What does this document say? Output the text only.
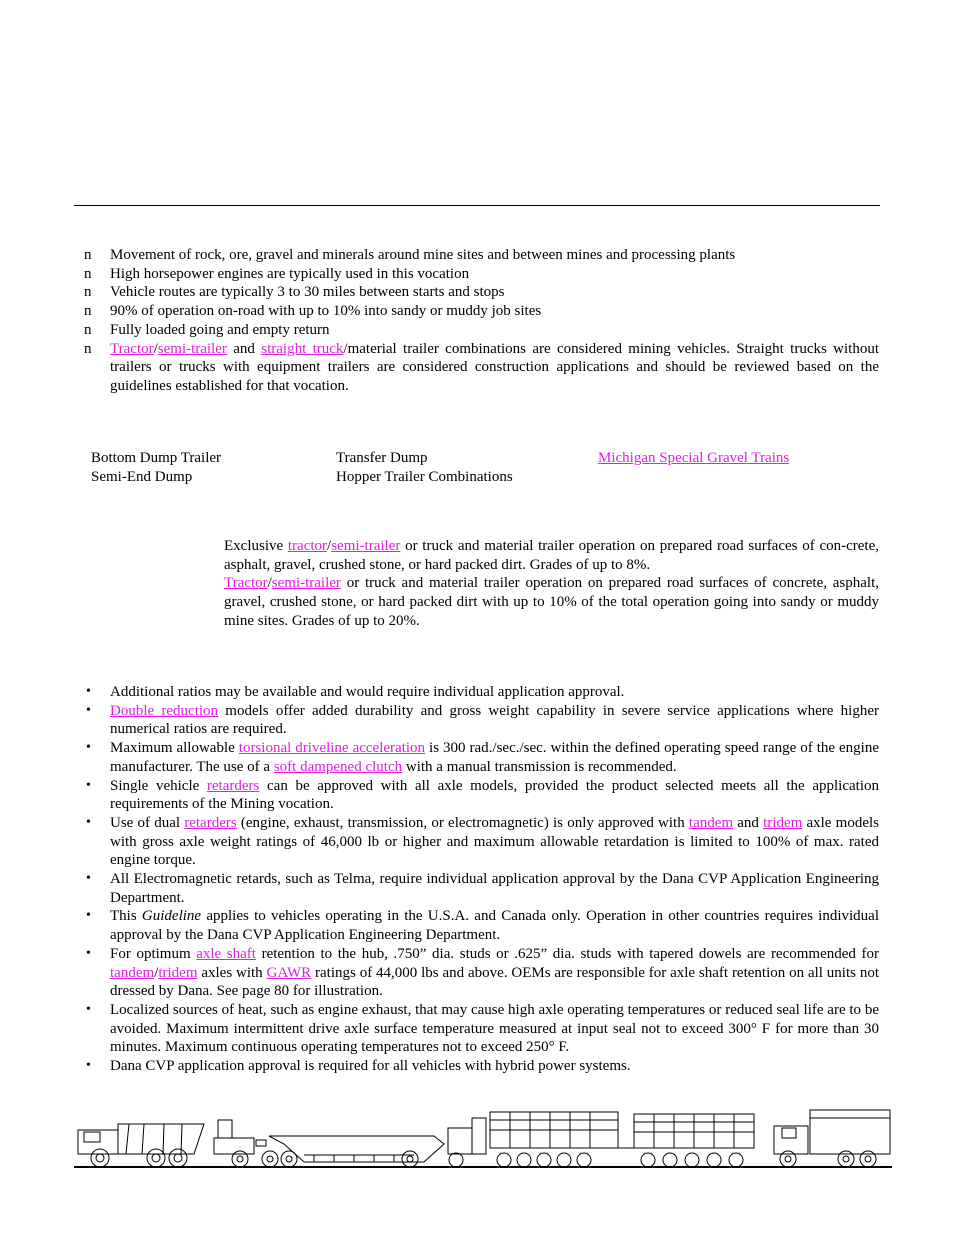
n	Movement of rock, ore, gravel and minerals around mine sites and between mines and processing plants
n	High horsepower engines are typically used in this vocation
n	Vehicle routes are typically 3 to 30 miles between starts and stops
n	90% of operation on-road with up to 10% into sandy or muddy job sites
n	Fully loaded going and empty return
n	Tractor/semi-trailer and straight truck/material trailer combinations are considered mining vehicles. Straight trucks without trailers or trucks with equipment trailers are considered construction applications and should be reviewed based on the guidelines established for that vocation.
Bottom Dump Trailer	Transfer Dump	Michigan Special Gravel Trains
Semi-End Dump	Hopper Trailer Combinations

Exclusive tractor/semi-trailer or truck and material trailer operation on prepared road surfaces of con-crete, asphalt, gravel, crushed stone, or hard packed dirt. Grades of up to 8%.

Tractor/semi-trailer or truck and material trailer operation on prepared road surfaces of concrete, asphalt, gravel, crushed stone, or hard packed dirt with up to 10% of the total operation going into sandy or muddy mine sites. Grades of up to 20%.

•	Additional ratios may be available and would require individual application approval.
•	Double reduction models offer added durability and gross weight capability in severe service applications where higher numerical ratios are required.
•	Maximum allowable torsional driveline acceleration is 300 rad./sec./sec. within the defined operating speed range of the engine manufacturer. The use of a soft dampened clutch with a manual transmission is recommended.
•	Single vehicle retarders can be approved with all axle models, provided the product selected meets all the application requirements of the Mining vocation.
•	Use of dual retarders (engine, exhaust, transmission, or electromagnetic) is only approved with tandem and tridem axle models with gross axle weight ratings of 46,000 lb or higher and maximum allowable retardation is limited to 100% of max. rated engine torque.
•	All Electromagnetic retards, such as Telma, require individual application approval by the Dana CVP Application Engineering Department.
•	This Guideline applies to vehicles operating in the U.S.A. and Canada only. Operation in other countries requires individual approval by the Dana CVP Application Engineering Department.
•	For optimum axle shaft retention to the hub, .750” dia. studs or .625” dia. studs with tapered dowels are recommended for tandem/tridem axles with GAWR ratings of 44,000 lbs and above. OEMs are responsible for axle shaft retention on all units not dressed by Dana. See page 80 for illustration.
•	Localized sources of heat, such as engine exhaust, that may cause high axle operating temperatures or reduced seal life are to be avoided. Maximum intermittent drive axle surface temperature measured at input seal not to exceed 300° F for more than 30 minutes. Maximum continuous operating temperatures not to exceed 250° F.
•	Dana CVP application approval is required for all vehicles with hybrid power systems.
